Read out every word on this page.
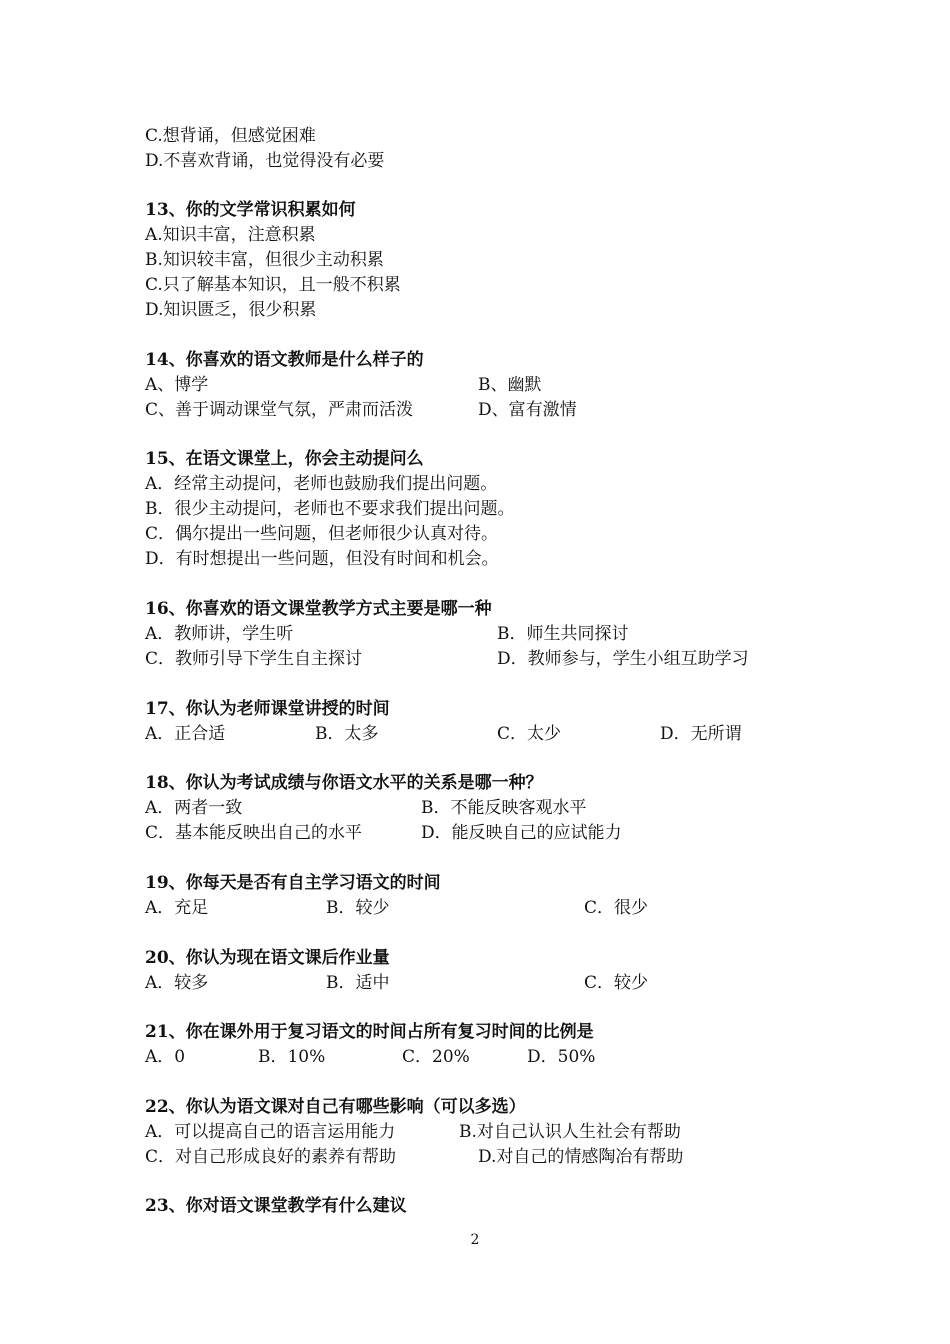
C.想背诵，但感觉困难
D.不喜欢背诵，也觉得没有必要
13、你的文学常识积累如何
A.知识丰富，注意积累
B.知识较丰富，但很少主动积累
C.只了解基本知识，且一般不积累
D.知识匮乏，很少积累
14、你喜欢的语文教师是什么样子的
A、博学	B、幽默
C、善于调动课堂气氛，严肃而活泼	D、富有激情
15、在语文课堂上，你会主动提问么
A．经常主动提问，老师也鼓励我们提出问题。
B．很少主动提问，老师也不要求我们提出问题。
C．偶尔提出一些问题，但老师很少认真对待。
D．有时想提出一些问题，但没有时间和机会。
16、你喜欢的语文课堂教学方式主要是哪一种
A．教师讲，学生听	B．师生共同探讨
C．教师引导下学生自主探讨	D．教师参与，学生小组互助学习
17、你认为老师课堂讲授的时间
A．正合适	B．太多	C．太少	D．无所谓
18、你认为考试成绩与你语文水平的关系是哪一种？
A．两者一致	B．不能反映客观水平
C．基本能反映出自己的水平	D．能反映自己的应试能力
19、你每天是否有自主学习语文的时间
A．充足	B．较少	C．很少
20、你认为现在语文课后作业量
A．较多	B．适中	C．较少
21、你在课外用于复习语文的时间占所有复习时间的比例是
A．0	B．10%	C．20%	D．50%
22、你认为语文课对自己有哪些影响（可以多选）
A．可以提高自己的语言运用能力	B.对自己认识人生社会有帮助
C．对自己形成良好的素养有帮助	D.对自己的情感陶冶有帮助
23、你对语文课堂教学有什么建议
2
